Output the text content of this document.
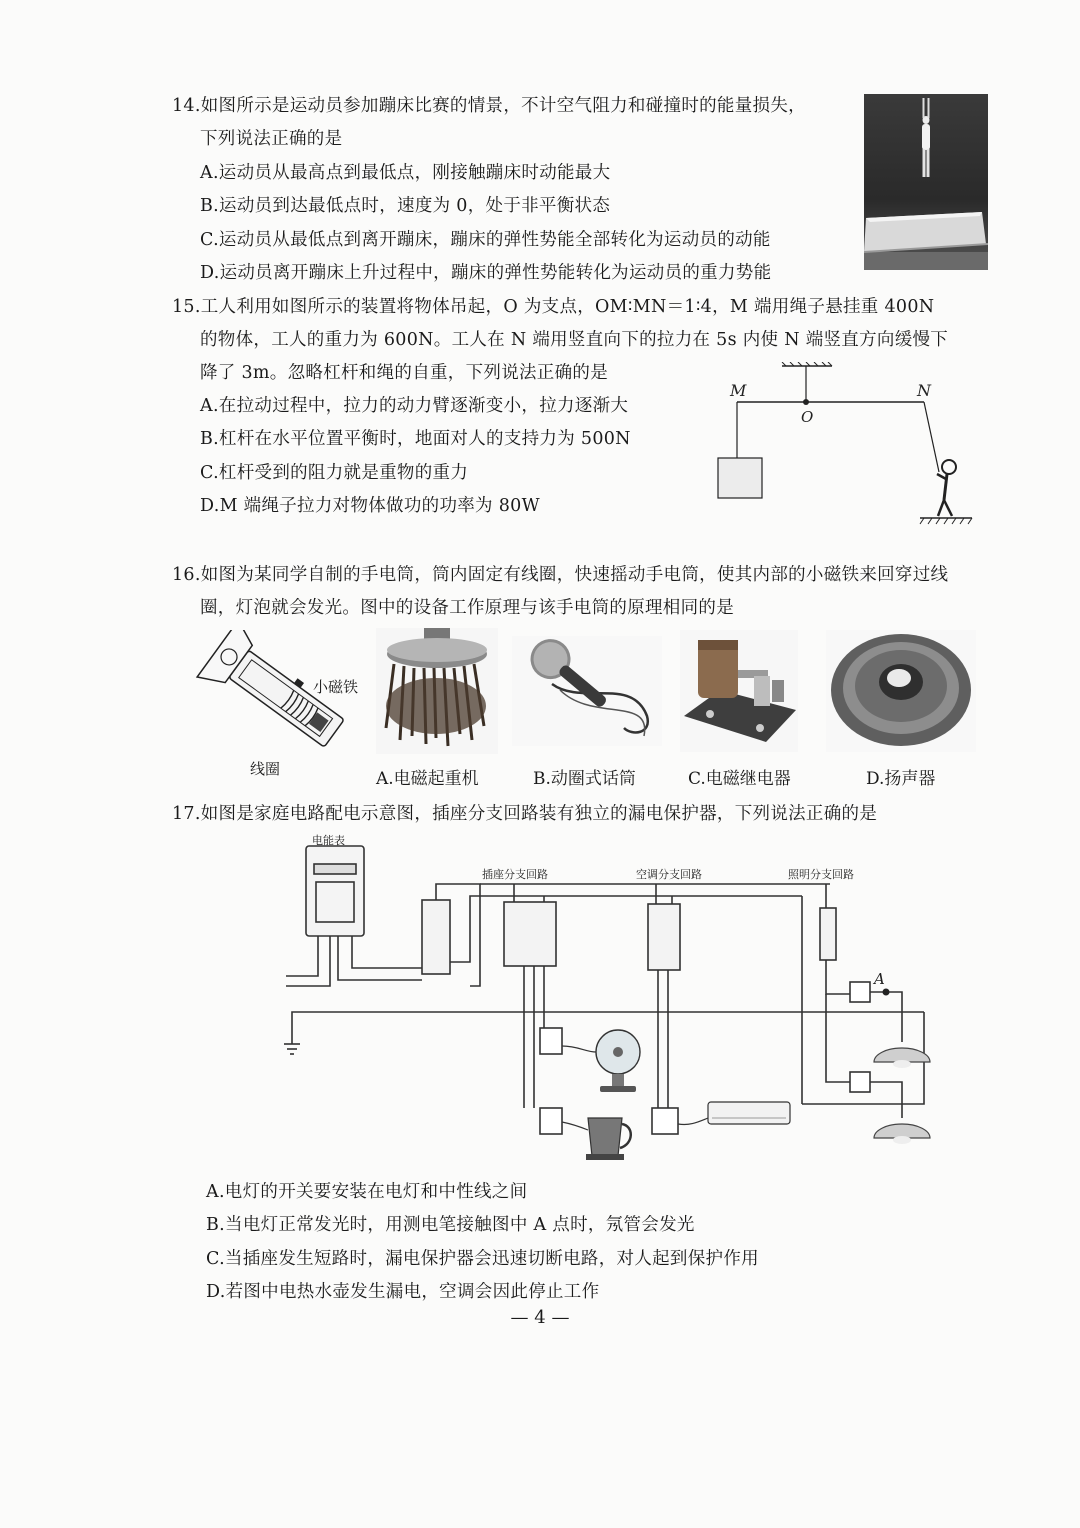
14.如图所示是运动员参加蹦床比赛的情景，不计空气阻力和碰撞时的能量损失，
下列说法正确的是
A.运动员从最高点到最低点，刚接触蹦床时动能最大
B.运动员到达最低点时，速度为 0，处于非平衡状态
C.运动员从最低点到离开蹦床，蹦床的弹性势能全部转化为运动员的动能
D.运动员离开蹦床上升过程中，蹦床的弹性势能转化为运动员的重力势能
15.工人利用如图所示的装置将物体吊起，O 为支点，OM∶MN＝1∶4，M 端用绳子悬挂重 400N
的物体，工人的重力为 600N。工人在 N 端用竖直向下的拉力在 5s 内使 N 端竖直方向缓慢下
降了 3m。忽略杠杆和绳的自重，下列说法正确的是
A.在拉动过程中，拉力的动力臂逐渐变小，拉力逐渐大
B.杠杆在水平位置平衡时，地面对人的支持力为 500N
C.杠杆受到的阻力就是重物的重力
D.M 端绳子拉力对物体做功的功率为 80W
M
O
N
16.如图为某同学自制的手电筒，筒内固定有线圈，快速摇动手电筒，使其内部的小磁铁来回穿过线
圈，灯泡就会发光。图中的设备工作原理与该手电筒的原理相同的是
小磁铁
线圈	A.电磁起重机	B.动圈式话筒	C.电磁继电器	D.扬声器
17.如图是家庭电路配电示意图，插座分支回路装有独立的漏电保护器，下列说法正确的是
电能表
插座分支回路	空调分支回路	照明分支回路
A
A.电灯的开关要安装在电灯和中性线之间
B.当电灯正常发光时，用测电笔接触图中 A 点时，氖管会发光
C.当插座发生短路时，漏电保护器会迅速切断电路，对人起到保护作用
D.若图中电热水壶发生漏电，空调会因此停止工作
— 4 —
